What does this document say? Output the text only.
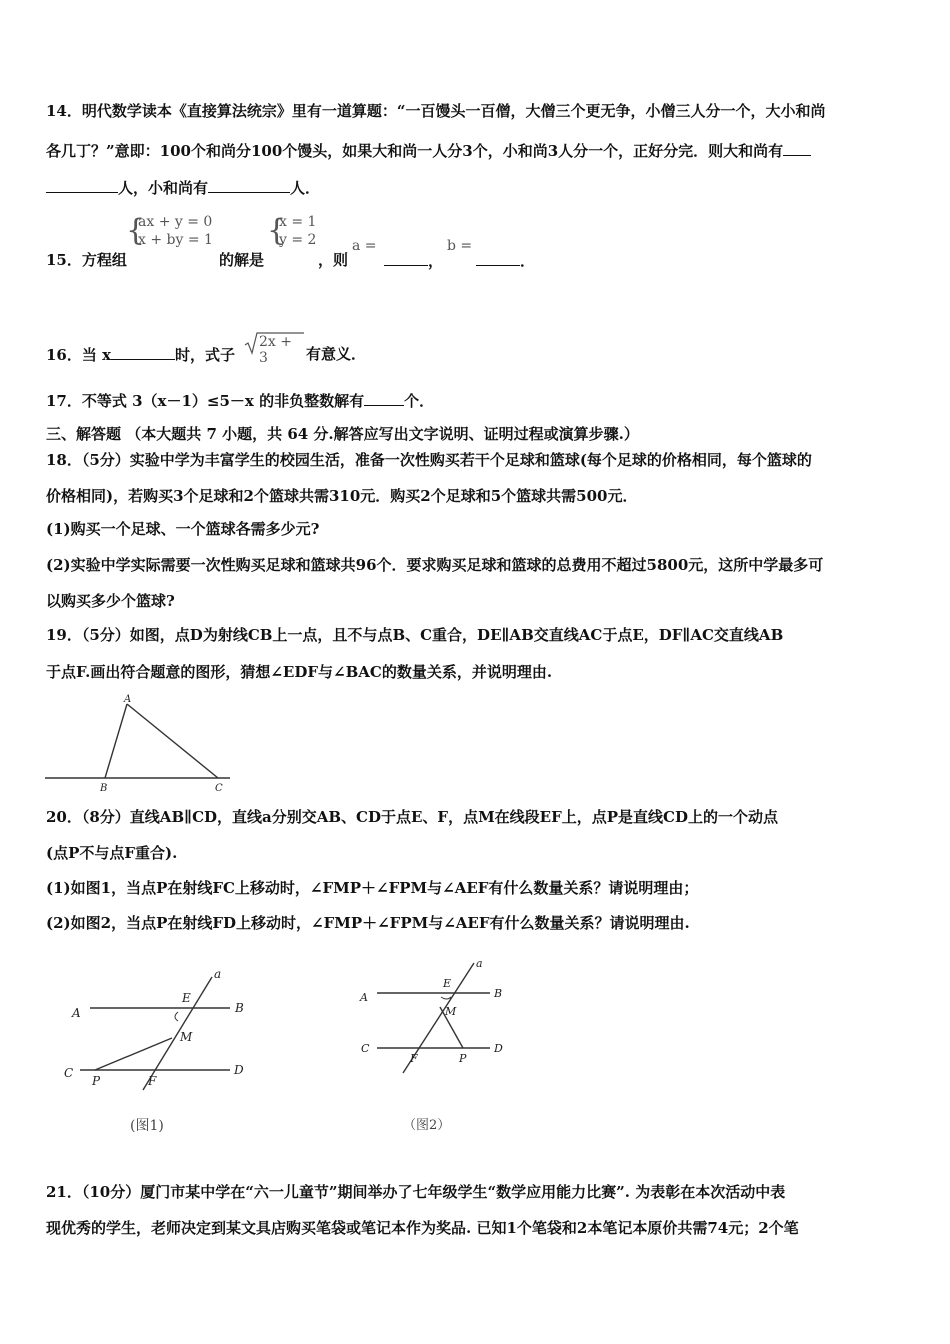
14．明代数学读本《直接算法统宗》里有一道算题：“一百馒头一百僧，大僧三个更无争，小僧三人分一个，大小和尚
各几丁？”意即：100个和尚分100个馒头，如果大和尚一人分3个，小和尚3人分一个，正好分完．则大和尚有
人，小和尚有	人．
{
ax + y = 0
x + by = 1 {
x = 1
y = 2
15．方程组	的解是	，则
a =
，
b =
．
16．当 x	时，式子
2x + 3	有意义．
17．不等式 3（x－1）≤5－x 的非负整数解有	个．
三、解答题 （本大题共 7 小题，共 64 分.解答应写出文字说明、证明过程或演算步骤.）
18．（5分）实验中学为丰富学生的校园生活，准备一次性购买若干个足球和篮球(每个足球的价格相同，每个篮球的
价格相同)，若购买3个足球和2个篮球共需310元．购买2个足球和5个篮球共需500元．
(1)购买一个足球、一个篮球各需多少元?
(2)实验中学实际需要一次性购买足球和篮球共96个．要求购买足球和篮球的总费用不超过5800元，这所中学最多可
以购买多少个篮球?
19．（5分）如图，点D为射线CB上一点，且不与点B、C重合，DE∥AB交直线AC于点E，DF∥AC交直线AB
于点F.画出符合题意的图形，猜想∠EDF与∠BAC的数量关系，并说明理由.
A
B	C
20．（8分）直线AB∥CD，直线a分别交AB、CD于点E、F，点M在线段EF上，点P是直线CD上的一个动点
(点P不与点F重合).
(1)如图1，当点P在射线FC上移动时，∠FMP＋∠FPM与∠AEF有什么数量关系？请说明理由；
(2)如图2，当点P在射线FD上移动时，∠FMP＋∠FPM与∠AEF有什么数量关系？请说明理由.
a
E
A	B
M
C
P	F
D
(图1)
a
E
A	B
M
C
F	P
D
（图2）
21．（10分）厦门市某中学在“六一儿童节”期间举办了七年级学生“数学应用能力比赛”. 为表彰在本次活动中表
现优秀的学生，老师决定到某文具店购买笔袋或笔记本作为奖品. 已知1个笔袋和2本笔记本原价共需74元；2个笔
